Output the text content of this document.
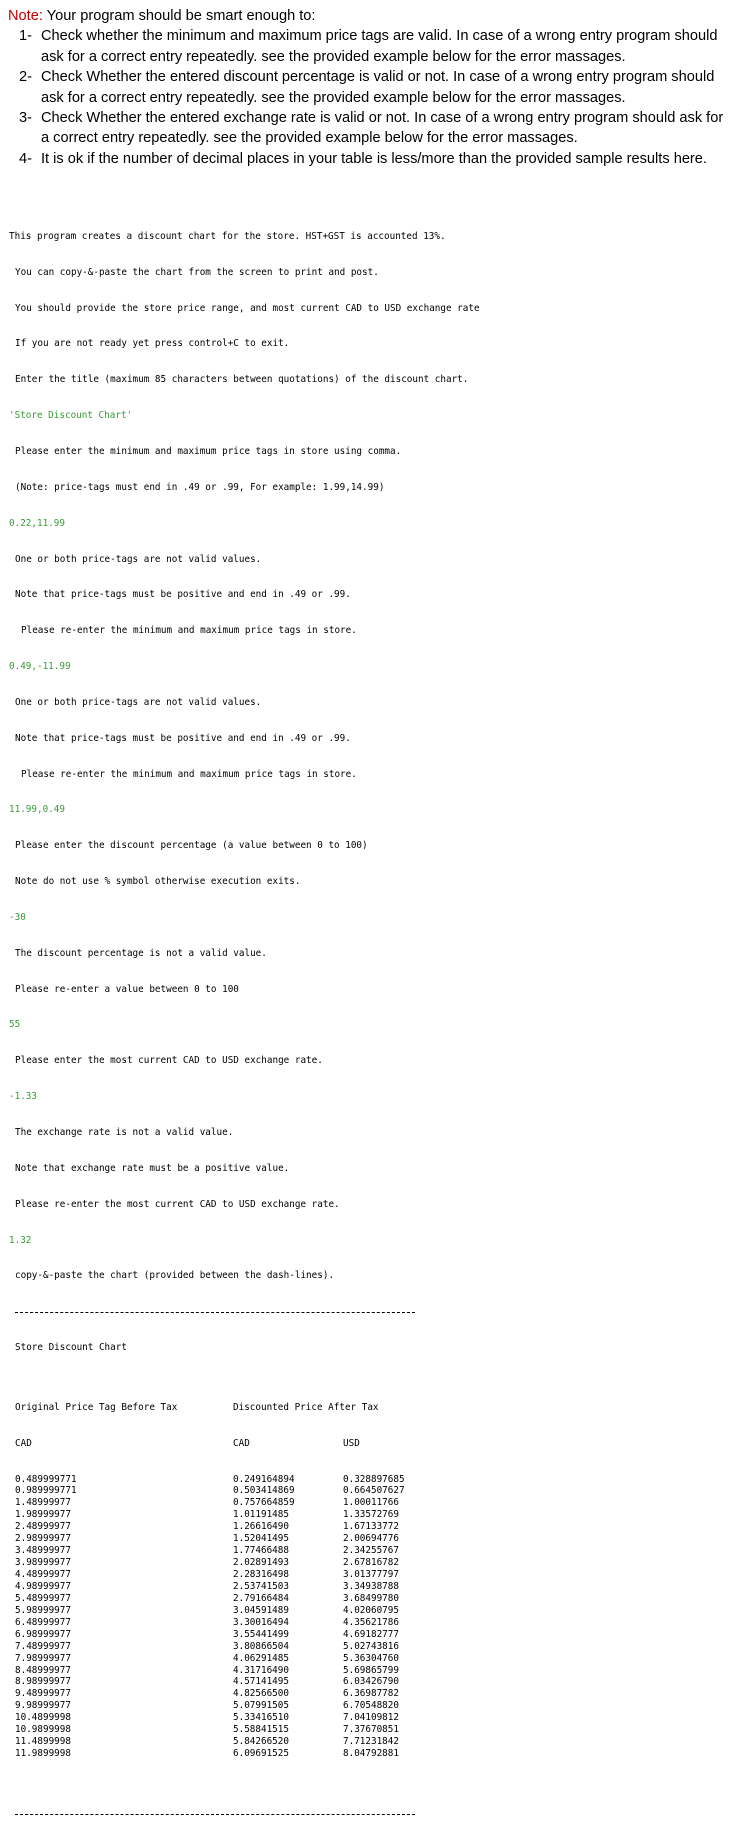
Note: Your program should be smart enough to:
1- Check whether the minimum and maximum price tags are valid. In case of a wrong entry program should ask for a correct entry repeatedly. see the provided example below for the error massages.
2- Check Whether the entered discount percentage is valid or not. In case of a wrong entry program should ask for a correct entry repeatedly. see the provided example below for the error massages.
3- Check Whether the entered exchange rate is valid or not. In case of a wrong entry program should ask for a correct entry repeatedly. see the provided example below for the error massages.
4- It is ok if the number of decimal places in your table is less/more than the provided sample results here.

This program creates a discount chart for the store. HST+GST is accounted 13%.

You can copy-&-paste the chart from the screen to print and post.

You should provide the store price range, and most current CAD to USD exchange rate

If you are not ready yet press control+C to exit.

Enter the title (maximum 85 characters between quotations) of the discount chart.

'Store Discount Chart'

Please enter the minimum and maximum price tags in store using comma.

(Note: price-tags must end in .49 or .99, For example: 1.99,14.99)

0.22,11.99

One or both price-tags are not valid values.

Note that price-tags must be positive and end in .49 or .99.

Please re-enter the minimum and maximum price tags in store.

0.49,-11.99

One or both price-tags are not valid values.

Note that price-tags must be positive and end in .49 or .99.

Please re-enter the minimum and maximum price tags in store.

11.99,0.49

Please enter the discount percentage (a value between 0 to 100)

Note do not use % symbol otherwise execution exits.

-30

The discount percentage is not a valid value.

Please re-enter a value between 0 to 100

55

Please enter the most current CAD to USD exchange rate.

-1.33

The exchange rate is not a valid value.

Note that exchange rate must be a positive value.

Please re-enter the most current CAD to USD exchange rate.

1.32

copy-&-paste the chart (provided between the dash-lines).

Store Discount Chart

Original Price Tag Before Tax	Discounted Price After Tax

CAD	CAD	USD

0.489999771	0.249164894	0.328897685
0.989999771	0.503414869	0.664507627
1.48999977	0.757664859	1.00011766
1.98999977	1.01191485	1.33572769
2.48999977	1.26616490	1.67133772
2.98999977	1.52041495	2.00694776
3.48999977	1.77466488	2.34255767
3.98999977	2.02891493	2.67816782
4.48999977	2.28316498	3.01377797
4.98999977	2.53741503	3.34938788
5.48999977	2.79166484	3.68499780
5.98999977	3.04591489	4.02060795
6.48999977	3.30016494	4.35621786
6.98999977	3.55441499	4.69182777
7.48999977	3.80866504	5.02743816
7.98999977	4.06291485	5.36304760
8.48999977	4.31716490	5.69865799
8.98999977	4.57141495	6.03426790
9.48999977	4.82566500	6.36987782
9.98999977	5.07991505	6.70548820
10.4899998	5.33416510	7.04109812
10.9899998	5.58841515	7.37670851
11.4899998	5.84266520	7.71231842
11.9899998	6.09691525	8.04792881
